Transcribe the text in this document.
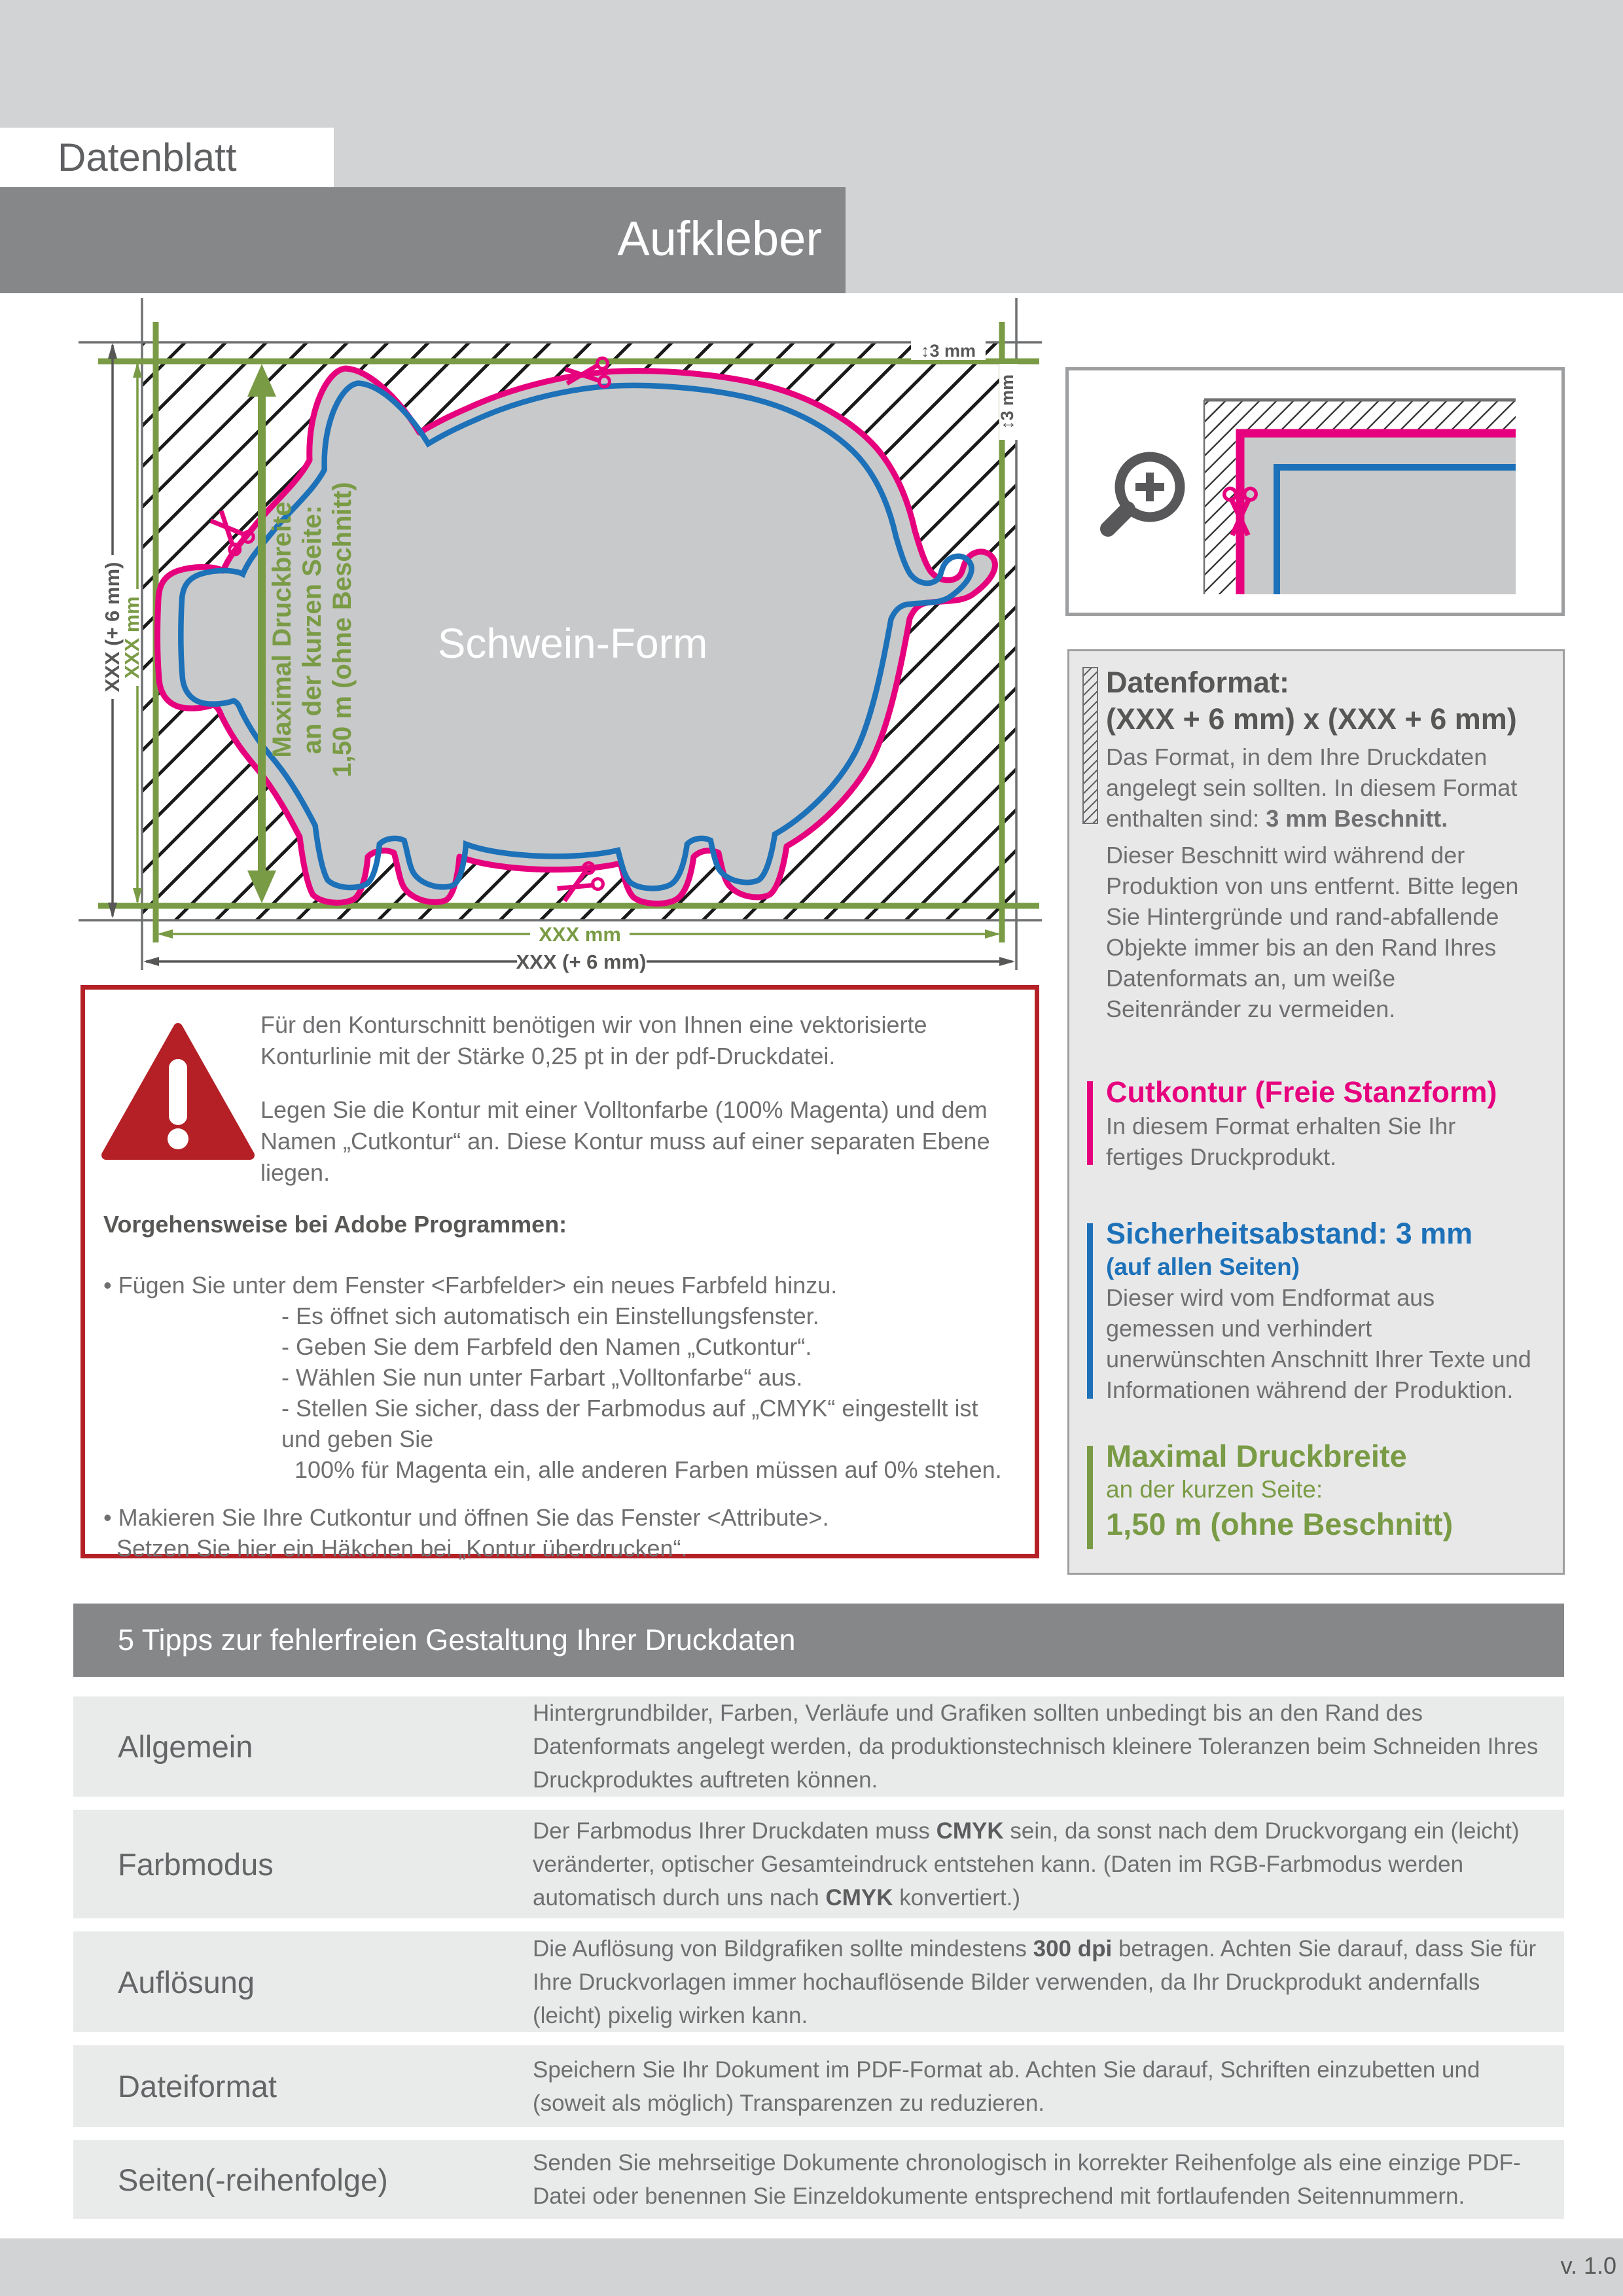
Datenblatt
Aufkleber
Maximal Druckbreite an der kurzen Seite: 1,50 m (ohne Beschnitt) Schwein-Form
XXX (+ 6 mm)
XXX mm
XXX mm
XXX (+ 6 mm)
↕3 mm
↕3 mm
Datenformat:
(XXX + 6 mm) x (XXX + 6 mm)
Das Format, in dem Ihre Druckdaten angelegt sein sollten. In diesem Format enthalten sind: 3 mm Beschnitt.
Dieser Beschnitt wird während der Produktion von uns entfernt. Bitte legen Sie Hintergründe und rand-abfallende Objekte immer bis an den Rand Ihres Datenformats an, um weiße Seitenränder zu vermeiden.
Cutkontur (Freie Stanzform)
In diesem Format erhalten Sie Ihr fertiges Druckprodukt.
Sicherheitsabstand: 3 mm
(auf allen Seiten)
Dieser wird vom Endformat aus gemessen und verhindert unerwünschten Anschnitt Ihrer Texte und Informationen während der Produktion.
Maximal Druckbreite
an der kurzen Seite:
1,50 m (ohne Beschnitt)

Für den Konturschnitt benötigen wir von Ihnen eine vektorisierte Konturlinie mit der Stärke 0,25 pt in der pdf-Druckdatei.

Legen Sie die Kontur mit einer Volltonfarbe (100% Magenta) und dem Namen „Cutkontur“ an. Diese Kontur muss auf einer separaten Ebene liegen.

Vorgehensweise bei Adobe Programmen:
• Fügen Sie unter dem Fenster <Farbfelder> ein neues Farbfeld hinzu.
- Es öffnet sich automatisch ein Einstellungsfenster.
- Geben Sie dem Farbfeld den Namen „Cutkontur“.
- Wählen Sie nun unter Farbart „Volltonfarbe“ aus.
- Stellen Sie sicher, dass der Farbmodus auf „CMYK“ eingestellt ist und geben Sie
100% für Magenta ein, alle anderen Farben müssen auf 0% stehen.
• Makieren Sie Ihre Cutkontur und öffnen Sie das Fenster <Attribute>.
Setzen Sie hier ein Häkchen bei „Kontur überdrucken“.
5 Tipps zur fehlerfreien Gestaltung Ihrer Druckdaten
Allgemein
Hintergrundbilder, Farben, Verläufe und Grafiken sollten unbedingt bis an den Rand des Datenformats angelegt werden, da produktionstechnisch kleinere Toleranzen beim Schneiden Ihres Druckproduktes auftreten können.
Farbmodus
Der Farbmodus Ihrer Druckdaten muss CMYK sein, da sonst nach dem Druckvorgang ein (leicht) veränderter, optischer Gesamteindruck entstehen kann. (Daten im RGB-Farbmodus werden automatisch durch uns nach CMYK konvertiert.)
Auflösung
Die Auflösung von Bildgrafiken sollte mindestens 300 dpi betragen. Achten Sie darauf, dass Sie für Ihre Druckvorlagen immer hochauflösende Bilder verwenden, da Ihr Druckprodukt andernfalls (leicht) pixelig wirken kann.
Dateiformat	Speichern Sie Ihr Dokument im PDF-Format ab. Achten Sie darauf, Schriften einzubetten und (soweit als möglich) Transparenzen zu reduzieren.
Seiten(-reihenfolge)	Senden Sie mehrseitige Dokumente chronologisch in korrekter Reihenfolge als eine einzige PDF-Datei oder benennen Sie Einzeldokumente entsprechend mit fortlaufenden Seitennummern.
v. 1.0
